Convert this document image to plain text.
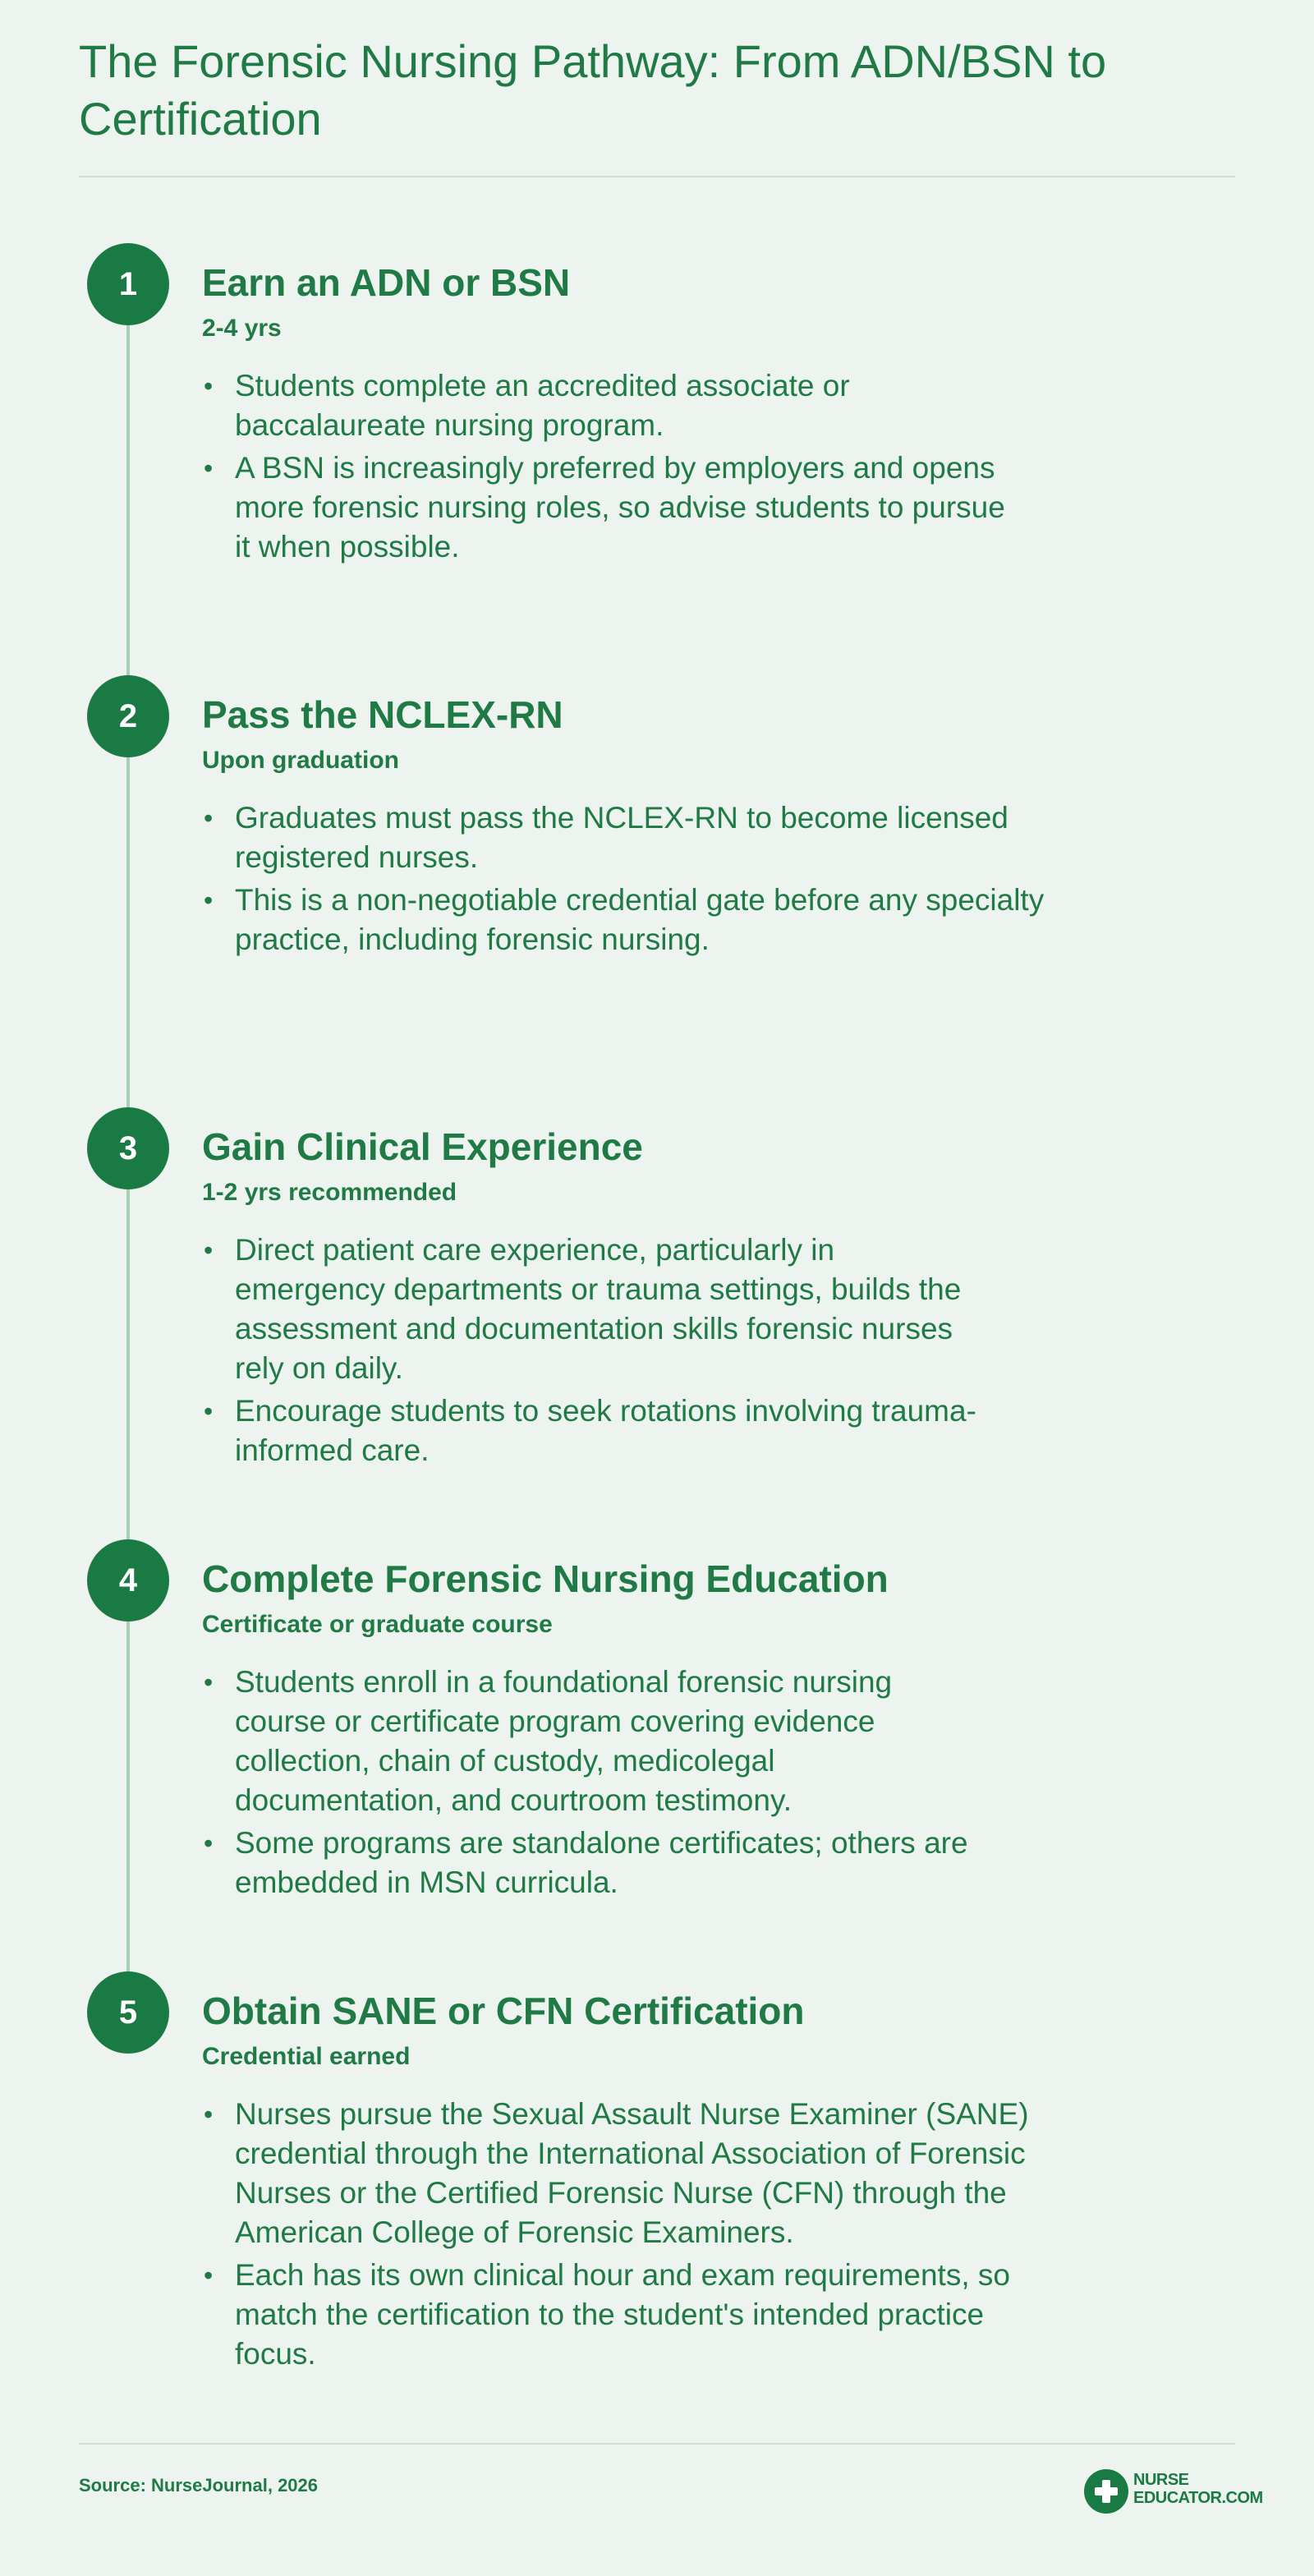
The Forensic Nursing Pathway: From ADN/BSN to Certification
1	Earn an ADN or BSN

2-4 yrs

• Students complete an accredited associate or baccalaureate nursing program.
• A BSN is increasingly preferred by employers and opens more forensic nursing roles, so advise students to pursue it when possible.
2	Pass the NCLEX-RN

Upon graduation

• Graduates must pass the NCLEX-RN to become licensed registered nurses.
• This is a non-negotiable credential gate before any specialty practice, including forensic nursing.
3	Gain Clinical Experience

1-2 yrs recommended

• Direct patient care experience, particularly in emergency departments or trauma settings, builds the assessment and documentation skills forensic nurses rely on daily.
• Encourage students to seek rotations involving trauma-informed care.
4	Complete Forensic Nursing Education

Certificate or graduate course

• Students enroll in a foundational forensic nursing course or certificate program covering evidence collection, chain of custody, medicolegal documentation, and courtroom testimony.
• Some programs are standalone certificates; others are embedded in MSN curricula.
5	Obtain SANE or CFN Certification

Credential earned

• Nurses pursue the Sexual Assault Nurse Examiner (SANE) credential through the International Association of Forensic Nurses or the Certified Forensic Nurse (CFN) through the American College of Forensic Examiners.
• Each has its own clinical hour and exam requirements, so match the certification to the student's intended practice focus.

Source: NurseJournal, 2026	NURSE
EDUCATOR.COM
